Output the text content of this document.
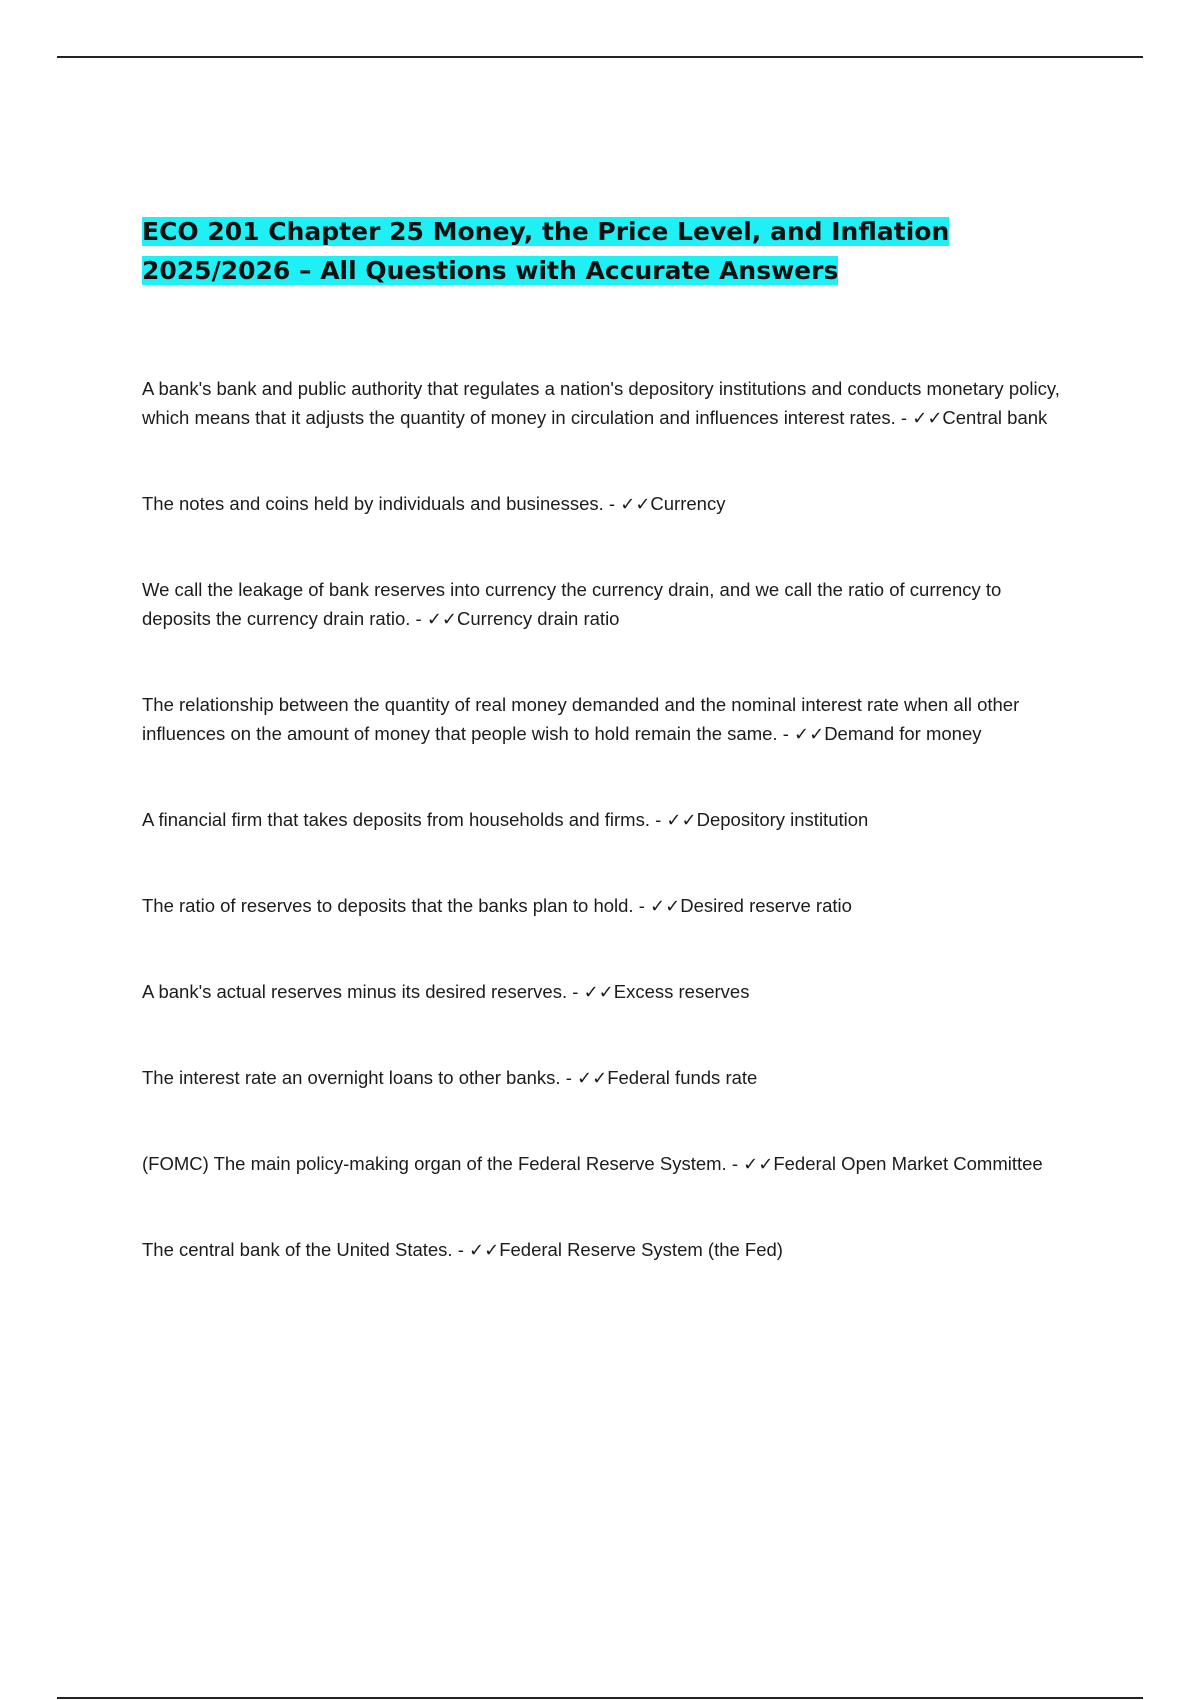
ECO 201 Chapter 25 Money, the Price Level, and Inflation
2025/2026 – All Questions with Accurate Answers

A bank's bank and public authority that regulates a nation's depository institutions and conducts monetary policy, which means that it adjusts the quantity of money in circulation and influences interest rates. - ✓✓Central bank

The notes and coins held by individuals and businesses. - ✓✓Currency

We call the leakage of bank reserves into currency the currency drain, and we call the ratio of currency to deposits the currency drain ratio. - ✓✓Currency drain ratio

The relationship between the quantity of real money demanded and the nominal interest rate when all other influences on the amount of money that people wish to hold remain the same. - ✓✓Demand for money

A financial firm that takes deposits from households and firms. - ✓✓Depository institution

The ratio of reserves to deposits that the banks plan to hold. - ✓✓Desired reserve ratio

A bank's actual reserves minus its desired reserves. - ✓✓Excess reserves

The interest rate an overnight loans to other banks. - ✓✓Federal funds rate

(FOMC) The main policy-making organ of the Federal Reserve System. - ✓✓Federal Open Market Committee

The central bank of the United States. - ✓✓Federal Reserve System (the Fed)
